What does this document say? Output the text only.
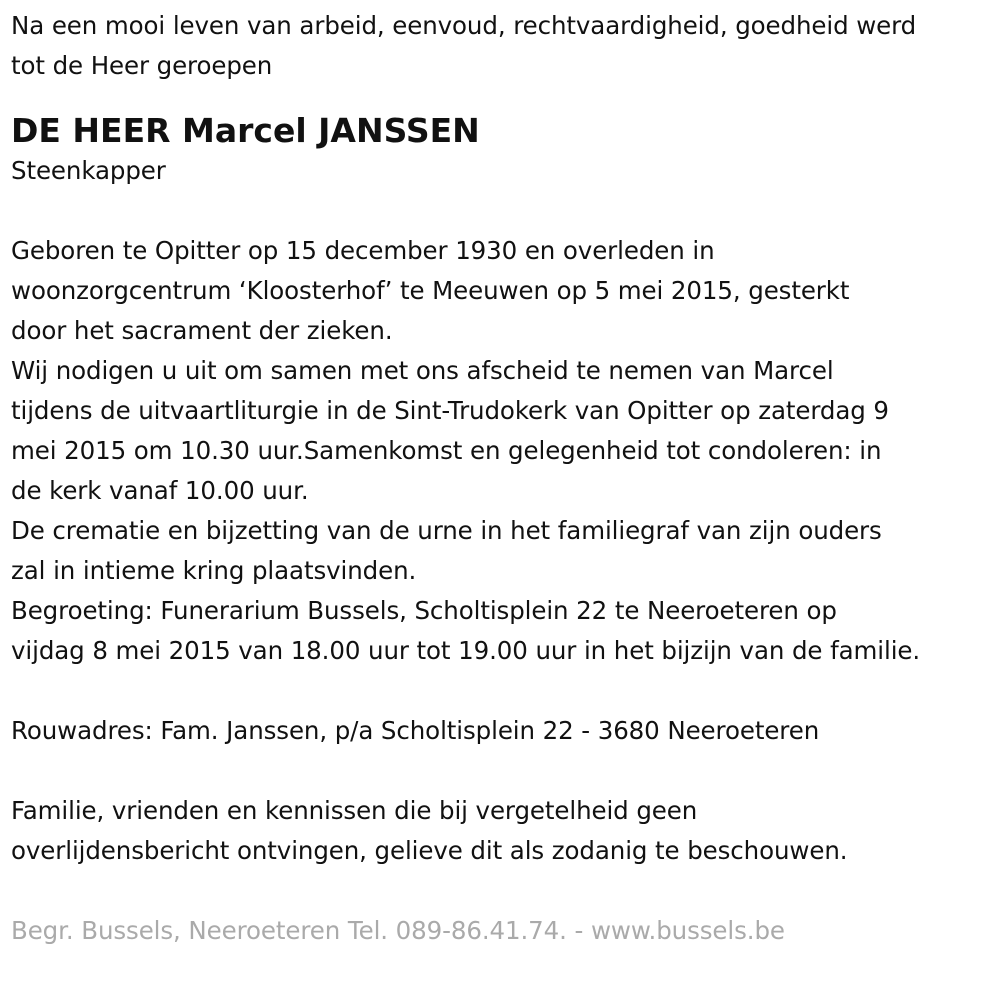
Na een mooi leven van arbeid, eenvoud, rechtvaardigheid, goedheid werd
tot de Heer geroepen
DE HEER Marcel JANSSEN
Steenkapper
Geboren te Opitter op 15 december 1930 en overleden in
woonzorgcentrum ‘Kloosterhof’ te Meeuwen op 5 mei 2015, gesterkt
door het sacrament der zieken.
Wij nodigen u uit om samen met ons afscheid te nemen van Marcel
tijdens de uitvaartliturgie in de Sint-Trudokerk van Opitter op zaterdag 9
mei 2015 om 10.30 uur.Samenkomst en gelegenheid tot condoleren: in
de kerk vanaf 10.00 uur.
De crematie en bijzetting van de urne in het familiegraf van zijn ouders
zal in intieme kring plaatsvinden.
Begroeting: Funerarium Bussels, Scholtisplein 22 te Neeroeteren op
vijdag 8 mei 2015 van 18.00 uur tot 19.00 uur in het bijzijn van de familie.
Rouwadres: Fam. Janssen, p/a Scholtisplein 22 - 3680 Neeroeteren
Familie, vrienden en kennissen die bij vergetelheid geen
overlijdensbericht ontvingen, gelieve dit als zodanig te beschouwen.
Begr. Bussels, Neeroeteren Tel. 089-86.41.74. - www.bussels.be
